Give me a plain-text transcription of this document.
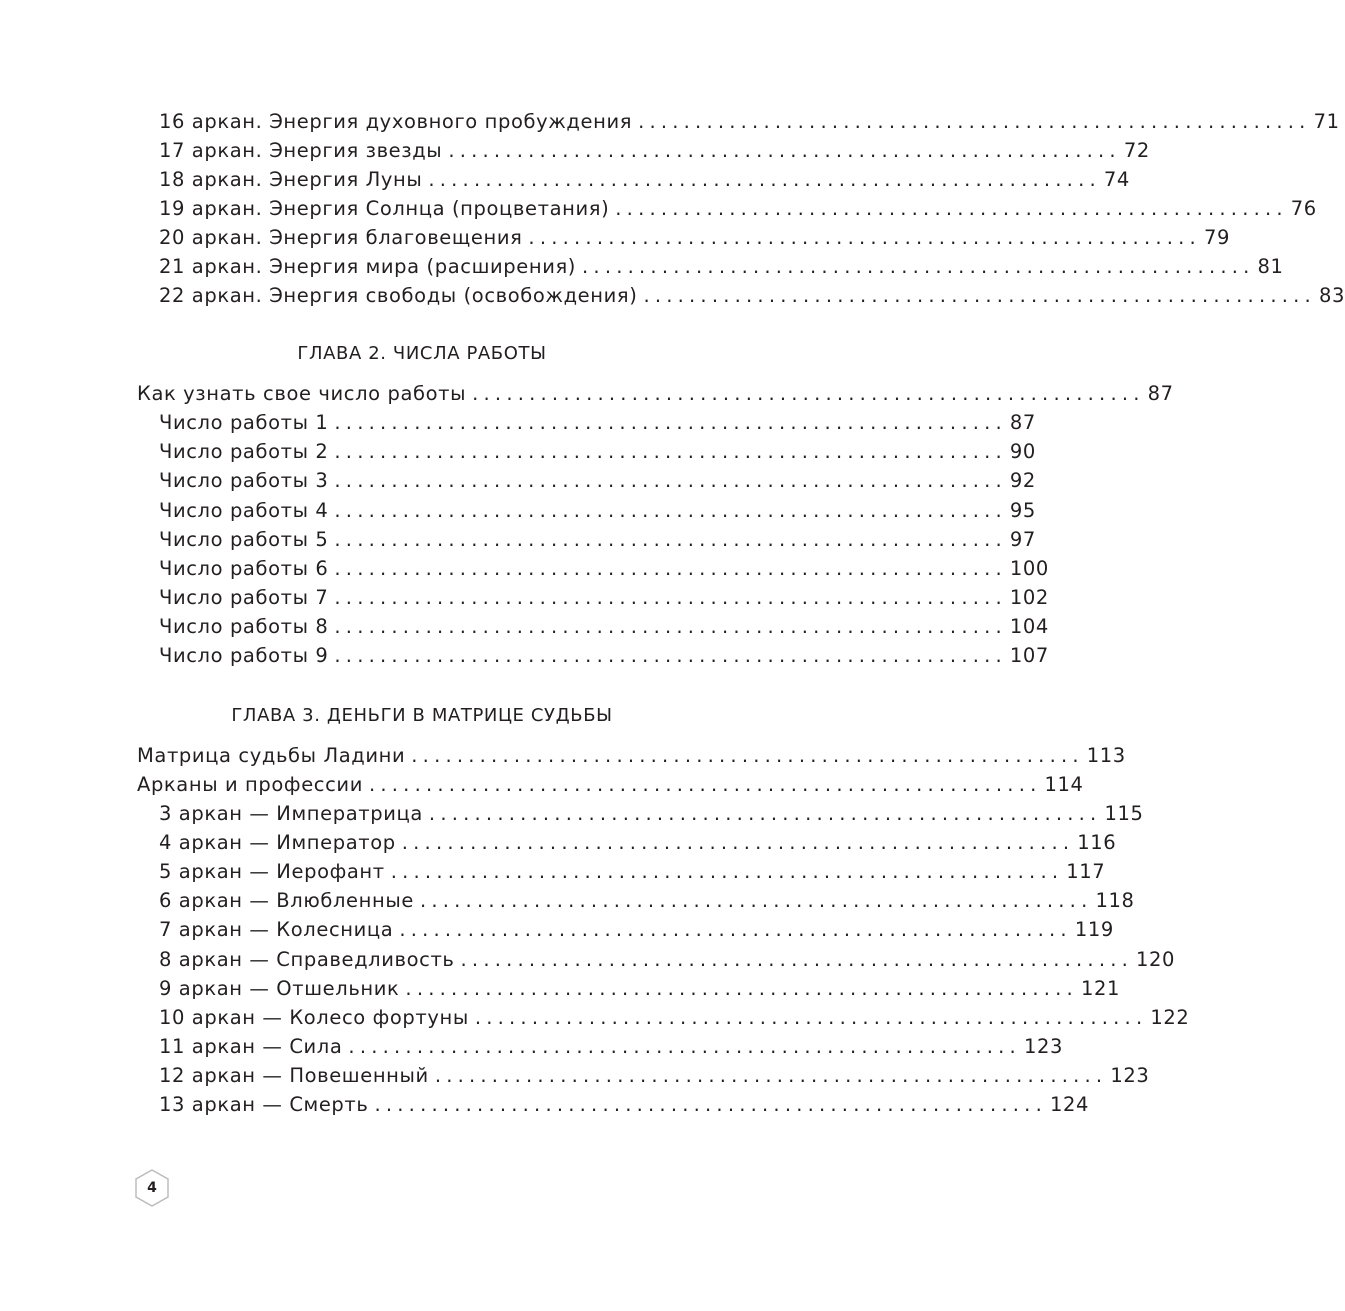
16 аркан. Энергия духовного пробуждения ........................................................... 71
17 аркан. Энергия звезды ........................................................... 72
18 аркан. Энергия Луны ........................................................... 74
19 аркан. Энергия Солнца (процветания) ........................................................... 76
20 аркан. Энергия благовещения ........................................................... 79
21 аркан. Энергия мира (расширения) ........................................................... 81
22 аркан. Энергия свободы (освобождения) ........................................................... 83
ГЛАВА 2. ЧИСЛА РАБОТЫ
Как узнать свое число работы ........................................................... 87
Число работы 1 ........................................................... 87
Число работы 2 ........................................................... 90
Число работы 3 ........................................................... 92
Число работы 4 ........................................................... 95
Число работы 5 ........................................................... 97
Число работы 6 ........................................................... 100
Число работы 7 ........................................................... 102
Число работы 8 ........................................................... 104
Число работы 9 ........................................................... 107
ГЛАВА 3. ДЕНЬГИ В МАТРИЦЕ СУДЬБЫ
Матрица судьбы Ладини ........................................................... 113
Арканы и профессии ........................................................... 114
3 аркан — Императрица ........................................................... 115
4 аркан — Император ........................................................... 116
5 аркан — Иерофант ........................................................... 117
6 аркан — Влюбленные ........................................................... 118
7 аркан — Колесница ........................................................... 119
8 аркан — Справедливость ........................................................... 120
9 аркан — Отшельник ........................................................... 121
10 аркан — Колесо фортуны ........................................................... 122
11 аркан — Сила ........................................................... 123
12 аркан — Повешенный ........................................................... 123
13 аркан — Смерть ........................................................... 124
4
